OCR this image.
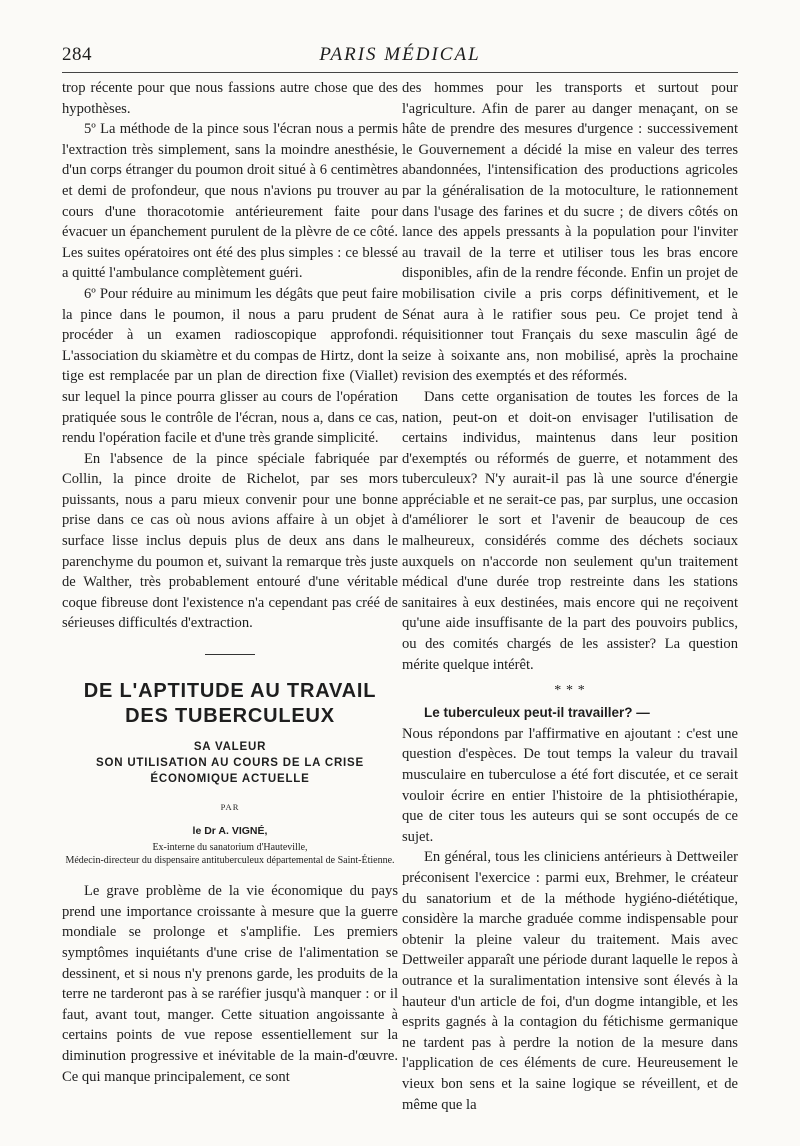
284	PARIS MÉDICAL

trop récente pour que nous fassions autre chose que des hypothèses.

5º La méthode de la pince sous l'écran nous a permis l'extraction très simplement, sans la moindre anesthésie, d'un corps étranger du poumon droit situé à 6 centimètres et demi de profondeur, que nous n'avions pu trouver au cours d'une thoracotomie antérieurement faite pour évacuer un épanchement purulent de la plèvre de ce côté. Les suites opératoires ont été des plus simples : ce blessé a quitté l'ambulance complètement guéri.

6º Pour réduire au minimum les dégâts que peut faire la pince dans le poumon, il nous a paru prudent de procéder à un examen radioscopique approfondi. L'association du skiamètre et du compas de Hirtz, dont la tige est remplacée par un plan de direction fixe (Viallet) sur lequel la pince pourra glisser au cours de l'opération pratiquée sous le contrôle de l'écran, nous a, dans ce cas, rendu l'opération facile et d'une très grande simplicité.

En l'absence de la pince spéciale fabriquée par Collin, la pince droite de Richelot, par ses mors puissants, nous a paru mieux convenir pour une bonne prise dans ce cas où nous avions affaire à un objet à surface lisse inclus depuis plus de deux ans dans le parenchyme du poumon et, suivant la remarque très juste de Walther, très probablement entouré d'une véritable coque fibreuse dont l'existence n'a cependant pas créé de sérieuses difficultés d'extraction.

DE L'APTITUDE AU TRAVAIL DES TUBERCULEUX
SA VALEUR
SON UTILISATION AU COURS DE LA CRISE ÉCONOMIQUE ACTUELLE
PAR
le Dr A. VIGNÉ,
Ex-interne du sanatorium d'Hauteville,
Médecin-directeur du dispensaire antituberculeux départemental de Saint-Étienne.

Le grave problème de la vie économique du pays prend une importance croissante à mesure que la guerre mondiale se prolonge et s'amplifie. Les premiers symptômes inquiétants d'une crise de l'alimentation se dessinent, et si nous n'y prenons garde, les produits de la terre ne tarderont pas à se raréfier jusqu'à manquer : or il faut, avant tout, manger. Cette situation angoissante à certains points de vue repose essentiellement sur la diminution progressive et inévitable de la main-d'œuvre. Ce qui manque principalement, ce sont

des hommes pour les transports et surtout pour l'agriculture. Afin de parer au danger menaçant, on se hâte de prendre des mesures d'urgence : successivement le Gouvernement a décidé la mise en valeur des terres abandonnées, l'intensification des productions agricoles par la généralisation de la motoculture, le rationnement dans l'usage des farines et du sucre ; de divers côtés on lance des appels pressants à la population pour l'inviter au travail de la terre et utiliser tous les bras encore disponibles, afin de la rendre féconde. Enfin un projet de mobilisation civile a pris corps définitivement, et le Sénat aura à le ratifier sous peu. Ce projet tend à réquisitionner tout Français du sexe masculin âgé de seize à soixante ans, non mobilisé, après la prochaine revision des exemptés et des réformés.

Dans cette organisation de toutes les forces de la nation, peut-on et doit-on envisager l'utilisation de certains individus, maintenus dans leur position d'exemptés ou réformés de guerre, et notamment des tuberculeux? N'y aurait-il pas là une source d'énergie appréciable et ne serait-ce pas, par surplus, une occasion d'améliorer le sort et l'avenir de beaucoup de ces malheureux, considérés comme des déchets sociaux auxquels on n'accorde non seulement qu'un traitement médical d'une durée trop restreinte dans les stations sanitaires à eux destinées, mais encore qui ne reçoivent qu'une aide insuffisante de la part des pouvoirs publics, ou des comités chargés de les assister? La question mérite quelque intérêt.

* * *

Le tuberculeux peut-il travailler? —

Nous répondons par l'affirmative en ajoutant : c'est une question d'espèces. De tout temps la valeur du travail musculaire en tuberculose a été fort discutée, et ce serait vouloir écrire en entier l'histoire de la phtisiothérapie, que de citer tous les auteurs qui se sont occupés de ce sujet.

En général, tous les cliniciens antérieurs à Dettweiler préconisent l'exercice : parmi eux, Brehmer, le créateur du sanatorium et de la méthode hygiéno-diététique, considère la marche graduée comme indispensable pour obtenir la pleine valeur du traitement. Mais avec Dettweiler apparaît une période durant laquelle le repos à outrance et la suralimentation intensive sont élevés à la hauteur d'un article de foi, d'un dogme intangible, et les esprits gagnés à la contagion du fétichisme germanique ne tardent pas à perdre la notion de la mesure dans l'application de ces éléments de cure. Heureusement le vieux bon sens et la saine logique se réveillent, et de même que la
